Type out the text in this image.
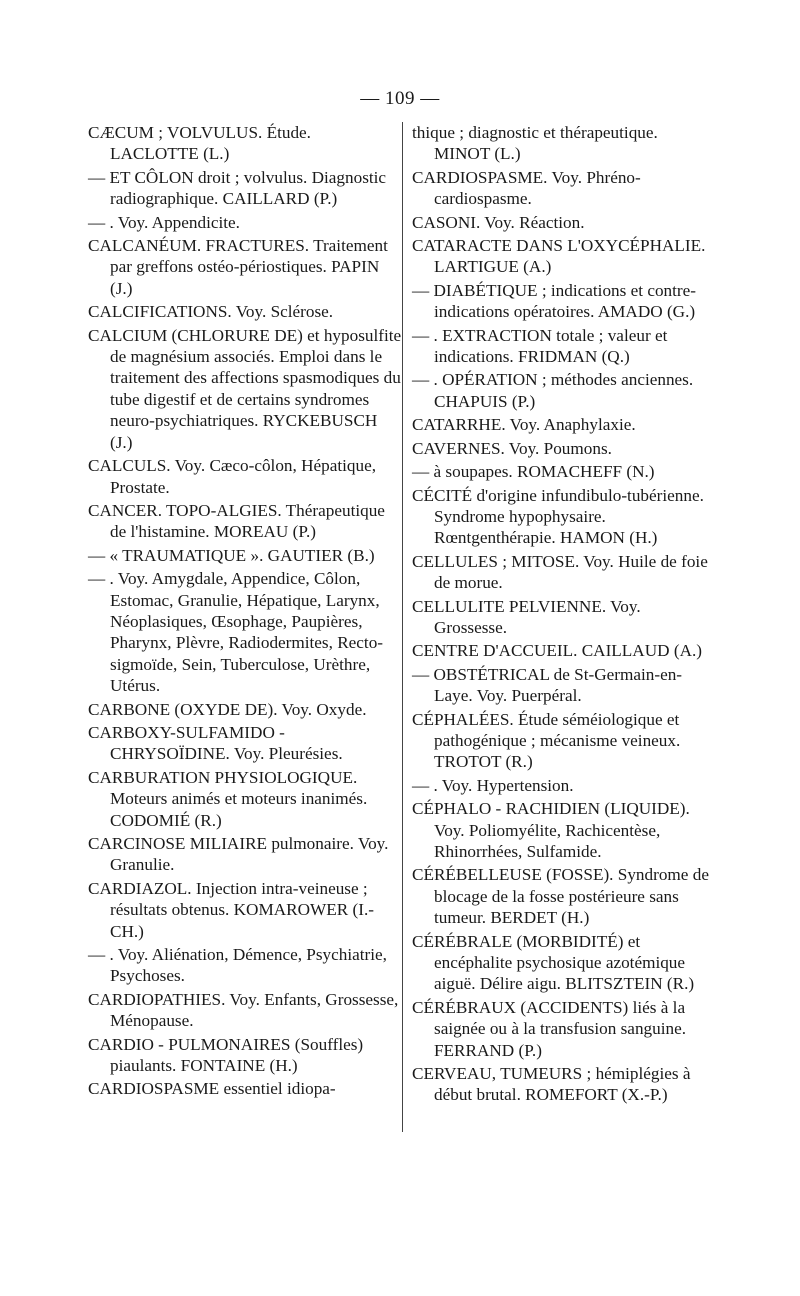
— 109 —

CÆCUM ; VOLVULUS. Étude. LACLOTTE (L.)

— ET CÔLON droit ; volvulus. Diagnostic radiographique. CAILLARD (P.)

— . Voy. Appendicite.

CALCANÉUM. FRACTURES. Traitement par greffons ostéo-périostiques. PAPIN (J.)

CALCIFICATIONS. Voy. Sclérose.

CALCIUM (CHLORURE DE) et hyposulfite de magnésium associés. Emploi dans le traitement des affections spasmodiques du tube digestif et de certains syndromes neuro-psychiatriques. RYCKEBUSCH (J.)

CALCULS. Voy. Cæco-côlon, Hépatique, Prostate.

CANCER. TOPO-ALGIES. Thérapeutique de l'histamine. MOREAU (P.)

— « TRAUMATIQUE ». GAUTIER (B.)

— . Voy. Amygdale, Appendice, Côlon, Estomac, Granulie, Hépatique, Larynx, Néoplasiques, Œsophage, Paupières, Pharynx, Plèvre, Radiodermites, Recto-sigmoïde, Sein, Tuberculose, Urèthre, Utérus.

CARBONE (OXYDE DE). Voy. Oxyde.

CARBOXY-SULFAMIDO - CHRYSOÏDINE. Voy. Pleurésies.

CARBURATION PHYSIOLOGIQUE. Moteurs animés et moteurs inanimés. CODOMIÉ (R.)

CARCINOSE MILIAIRE pulmonaire. Voy. Granulie.

CARDIAZOL. Injection intra-veineuse ; résultats obtenus. KOMAROWER (I.-CH.)

— . Voy. Aliénation, Démence, Psychiatrie, Psychoses.

CARDIOPATHIES. Voy. Enfants, Grossesse, Ménopause.

CARDIO - PULMONAIRES (Souffles) piaulants. FONTAINE (H.)

CARDIOSPASME essentiel idiopa-

thique ; diagnostic et thérapeutique. MINOT (L.)

CARDIOSPASME. Voy. Phréno-cardiospasme.

CASONI. Voy. Réaction.

CATARACTE DANS L'OXYCÉPHALIE. LARTIGUE (A.)

— DIABÉTIQUE ; indications et contre-indications opératoires. AMADO (G.)

— . EXTRACTION totale ; valeur et indications. FRIDMAN (Q.)

— . OPÉRATION ; méthodes anciennes. CHAPUIS (P.)

CATARRHE. Voy. Anaphylaxie.

CAVERNES. Voy. Poumons.

— à soupapes. ROMACHEFF (N.)

CÉCITÉ d'origine infundibulo-tubérienne. Syndrome hypophysaire. Rœntgenthérapie. HAMON (H.)

CELLULES ; MITOSE. Voy. Huile de foie de morue.

CELLULITE PELVIENNE. Voy. Grossesse.

CENTRE D'ACCUEIL. CAILLAUD (A.)

— OBSTÉTRICAL de St-Germain-en-Laye. Voy. Puerpéral.

CÉPHALÉES. Étude séméiologique et pathogénique ; mécanisme veineux. TROTOT (R.)

— . Voy. Hypertension.

CÉPHALO - RACHIDIEN (LIQUIDE). Voy. Poliomyélite, Rachicentèse, Rhinorrhées, Sulfamide.

CÉRÉBELLEUSE (FOSSE). Syndrome de blocage de la fosse postérieure sans tumeur. BERDET (H.)

CÉRÉBRALE (MORBIDITÉ) et encéphalite psychosique azotémique aiguë. Délire aigu. BLITSZTEIN (R.)

CÉRÉBRAUX (ACCIDENTS) liés à la saignée ou à la transfusion sanguine. FERRAND (P.)

CERVEAU, TUMEURS ; hémiplégies à début brutal. ROMEFORT (X.-P.)
